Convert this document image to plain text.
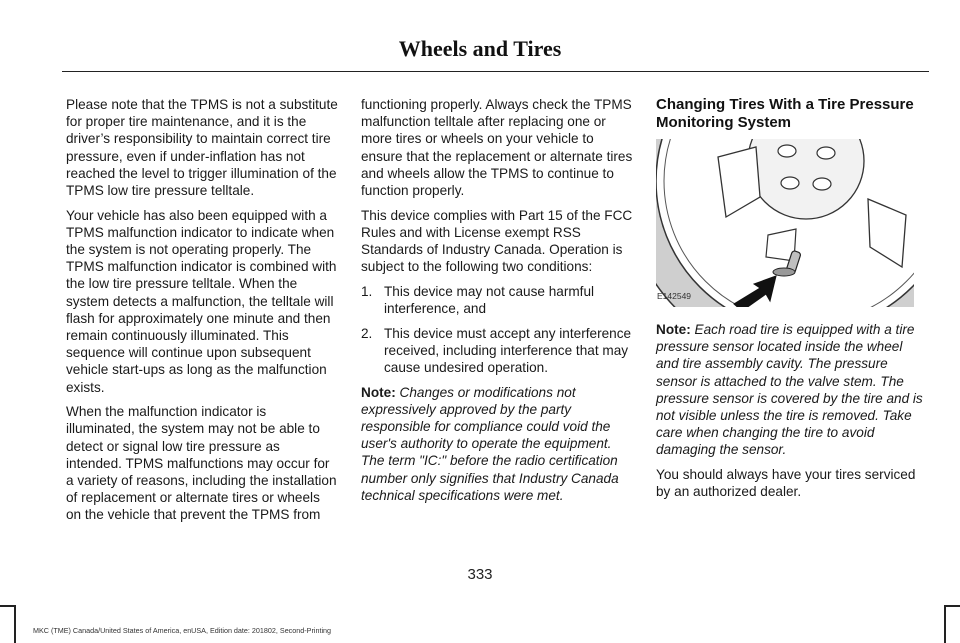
Wheels and Tires

Please note that the TPMS is not a substitute for proper tire maintenance, and it is the driver’s responsibility to maintain correct tire pressure, even if under-inflation has not reached the level to trigger illumination of the TPMS low tire pressure telltale.

Your vehicle has also been equipped with a TPMS malfunction indicator to indicate when the system is not operating properly. The TPMS malfunction indicator is combined with the low tire pressure telltale. When the system detects a malfunction, the telltale will flash for approximately one minute and then remain continuously illuminated. This sequence will continue upon subsequent vehicle start-ups as long as the malfunction exists.

When the malfunction indicator is illuminated, the system may not be able to detect or signal low tire pressure as intended. TPMS malfunctions may occur for a variety of reasons, including the installation of replacement or alternate tires or wheels on the vehicle that prevent the TPMS from

functioning properly. Always check the TPMS malfunction telltale after replacing one or more tires or wheels on your vehicle to ensure that the replacement or alternate tires and wheels allow the TPMS to continue to function properly.

This device complies with Part 15 of the FCC Rules and with License exempt RSS Standards of Industry Canada. Operation is subject to the following two conditions:

1. This device may not cause harmful interference, and
2. This device must accept any interference received, including interference that may cause undesired operation.

Note: Changes or modifications not expressively approved by the party responsible for compliance could void the user's authority to operate the equipment. The term "IC:" before the radio certification number only signifies that Industry Canada technical specifications were met.

Changing Tires With a Tire Pressure Monitoring System
E142549

Note: Each road tire is equipped with a tire pressure sensor located inside the wheel and tire assembly cavity. The pressure sensor is attached to the valve stem. The pressure sensor is covered by the tire and is not visible unless the tire is removed. Take care when changing the tire to avoid damaging the sensor.

You should always have your tires serviced by an authorized dealer.

333
MKC (TME) Canada/United States of America, enUSA, Edition date: 201802, Second-Printing
